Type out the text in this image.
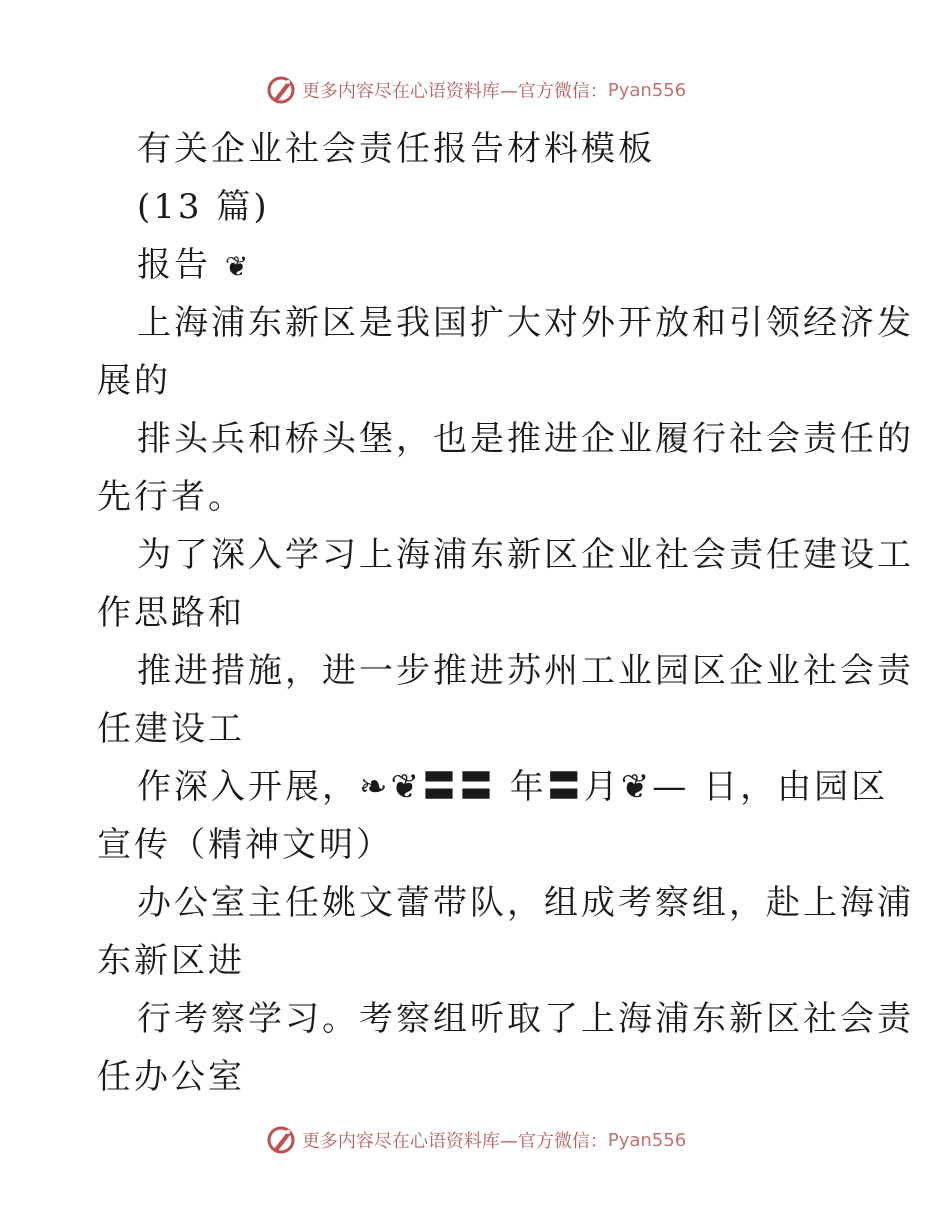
更多内容尽在心语资料库—官方微信： Pyan556
有关企业社会责任报告材料模板
(13 篇)
报告 ❦
上海浦东新区是我国扩大对外开放和引领经济发
展的
排头兵和桥头堡，也是推进企业履行社会责任的
先行者。
为了深入学习上海浦东新区企业社会责任建设工
作思路和
推进措施，进一步推进苏州工业园区企业社会责
任建设工
作深入开展，❧❦〓〓 年〓月❦— 日，由园区
宣传（精神文明）
办公室主任姚文蕾带队，组成考察组，赴上海浦
东新区进
行考察学习。考察组听取了上海浦东新区社会责
任办公室
更多内容尽在心语资料库—官方微信： Pyan556
